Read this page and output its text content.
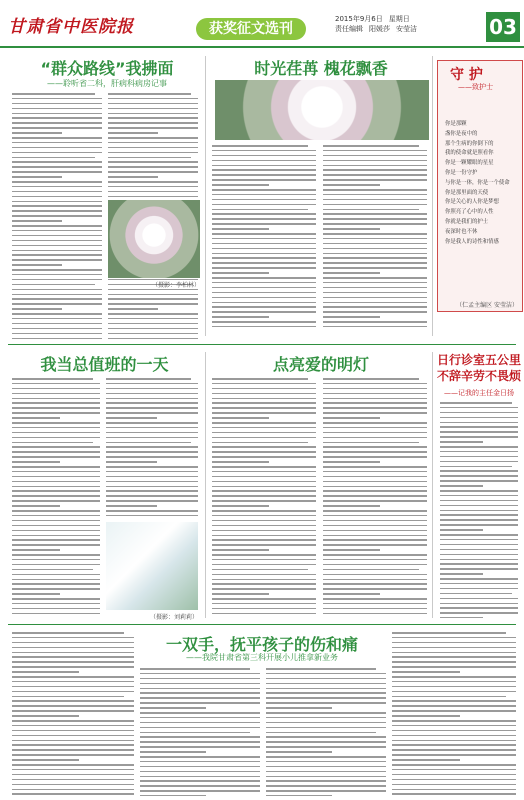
甘肃省中医院报	获奖征文选刊
2015年9月6日 星期日
责任编辑 阳媛莎 安莹洁	03
“群众路线”我拂面
——聆听省二科，肝病科病房记事
时光荏苒 槐花飘香	守 护
——致护士
你是那颗
盏你是夜中的
那个生病的你倒下的
我的使命就是照看你
你是一颗耀眼的星星
你是一份守护
与你是一体，你是一个使命
你是那里面的天使
你是关心的人你是梦想
你照亮了心中的人性
你就是我们的护士
夜深时也不休
你是我人的诗性和情感
（仁孟主编区 安莹洁）
（摄影：李柏林）
我当总值班的一天
（摄影：刘莉莉）
点亮爱的明灯	日行诊室五公里 不辞辛劳不畏烦
——记我的主任金日扬
一双手，抚平孩子的伤和痛
——我院甘肃省第三科开展小儿推拿新业务
